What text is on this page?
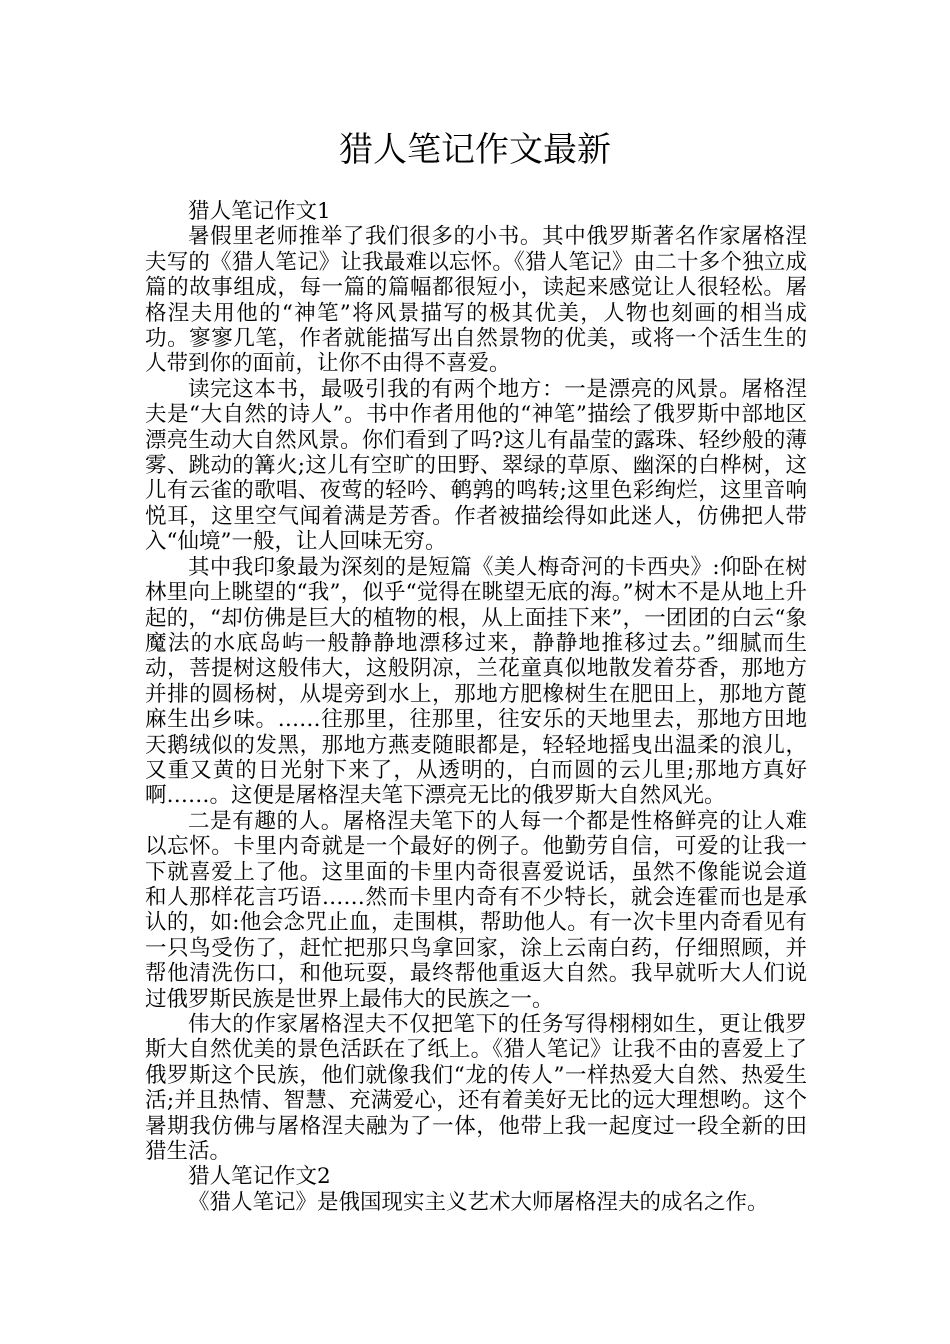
猎人笔记作文最新

猎人笔记作文1

暑假里老师推举了我们很多的小书。其中俄罗斯著名作家屠格涅夫写的《猎人笔记》让我最难以忘怀。《猎人笔记》由二十多个独立成篇的故事组成，每一篇的篇幅都很短小，读起来感觉让人很轻松。屠格涅夫用他的“神笔”将风景描写的极其优美，人物也刻画的相当成功。寥寥几笔，作者就能描写出自然景物的优美，或将一个活生生的人带到你的面前，让你不由得不喜爱。

读完这本书，最吸引我的有两个地方：一是漂亮的风景。屠格涅夫是“大自然的诗人”。书中作者用他的“神笔”描绘了俄罗斯中部地区漂亮生动大自然风景。你们看到了吗?这儿有晶莹的露珠、轻纱般的薄雾、跳动的篝火;这儿有空旷的田野、翠绿的草原、幽深的白桦树，这儿有云雀的歌唱、夜莺的轻吟、鹌鹑的鸣转;这里色彩绚烂，这里音响悦耳，这里空气闻着满是芳香。作者被描绘得如此迷人，仿佛把人带入“仙境”一般，让人回味无穷。

其中我印象最为深刻的是短篇《美人梅奇河的卡西央》:仰卧在树林里向上眺望的“我”，似乎“觉得在眺望无底的海。”树木不是从地上升起的，“却仿佛是巨大的植物的根，从上面挂下来”，一团团的白云“象魔法的水底岛屿一般静静地漂移过来，静静地推移过去。”细腻而生动，菩提树这般伟大，这般阴凉，兰花童真似地散发着芬香，那地方并排的圆杨树，从堤旁到水上，那地方肥橡树生在肥田上，那地方蓖麻生出乡味。……往那里，往那里，往安乐的天地里去，那地方田地天鹅绒似的发黑，那地方燕麦随眼都是，轻轻地摇曳出温柔的浪儿，又重又黄的日光射下来了，从透明的，白而圆的云儿里;那地方真好啊……。这便是屠格涅夫笔下漂亮无比的俄罗斯大自然风光。

二是有趣的人。屠格涅夫笔下的人每一个都是性格鲜亮的让人难以忘怀。卡里内奇就是一个最好的例子。他勤劳自信，可爱的让我一下就喜爱上了他。这里面的卡里内奇很喜爱说话，虽然不像能说会道和人那样花言巧语……然而卡里内奇有不少特长，就会连霍而也是承认的，如:他会念咒止血，走围棋，帮助他人。有一次卡里内奇看见有一只鸟受伤了，赶忙把那只鸟拿回家，涂上云南白药，仔细照顾，并帮他清洗伤口，和他玩耍，最终帮他重返大自然。我早就听大人们说过俄罗斯民族是世界上最伟大的民族之一。

伟大的作家屠格涅夫不仅把笔下的任务写得栩栩如生，更让俄罗斯大自然优美的景色活跃在了纸上。《猎人笔记》让我不由的喜爱上了俄罗斯这个民族，他们就像我们“龙的传人”一样热爱大自然、热爱生活;并且热情、智慧、充满爱心，还有着美好无比的远大理想哟。这个暑期我仿佛与屠格涅夫融为了一体，他带上我一起度过一段全新的田猎生活。

猎人笔记作文2

《猎人笔记》是俄国现实主义艺术大师屠格涅夫的成名之作。
